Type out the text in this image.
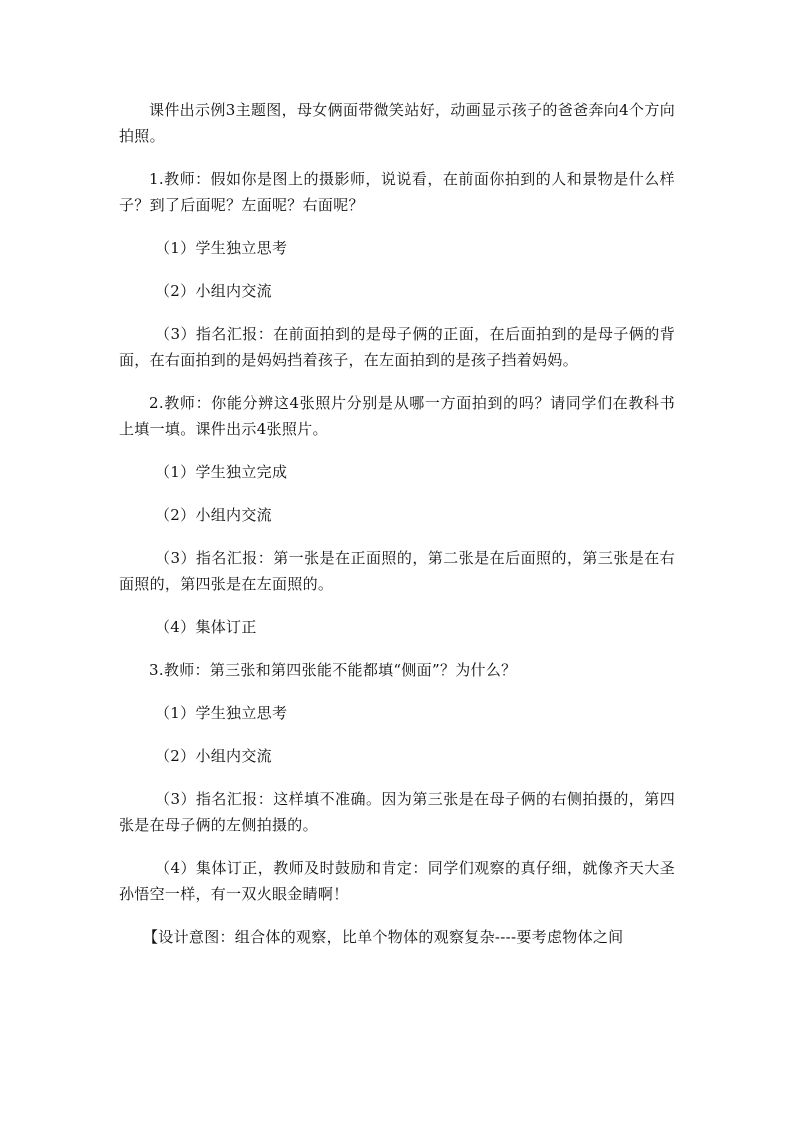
课件出示例3主题图，母女俩面带微笑站好，动画显示孩子的爸爸奔向4个方向拍照。

1.教师：假如你是图上的摄影师，说说看，在前面你拍到的人和景物是什么样子？到了后面呢？左面呢？右面呢？

（1）学生独立思考

（2）小组内交流

（3）指名汇报：在前面拍到的是母子俩的正面，在后面拍到的是母子俩的背面，在右面拍到的是妈妈挡着孩子，在左面拍到的是孩子挡着妈妈。

2.教师：你能分辨这4张照片分别是从哪一方面拍到的吗？请同学们在教科书上填一填。课件出示4张照片。

（1）学生独立完成

（2）小组内交流

（3）指名汇报：第一张是在正面照的，第二张是在后面照的，第三张是在右面照的，第四张是在左面照的。

（4）集体订正

3.教师：第三张和第四张能不能都填“侧面”？为什么？

（1）学生独立思考

（2）小组内交流

（3）指名汇报：这样填不准确。因为第三张是在母子俩的右侧拍摄的，第四张是在母子俩的左侧拍摄的。

（4）集体订正，教师及时鼓励和肯定：同学们观察的真仔细，就像齐天大圣孙悟空一样，有一双火眼金睛啊！

【设计意图：组合体的观察，比单个物体的观察复杂----要考虑物体之间
